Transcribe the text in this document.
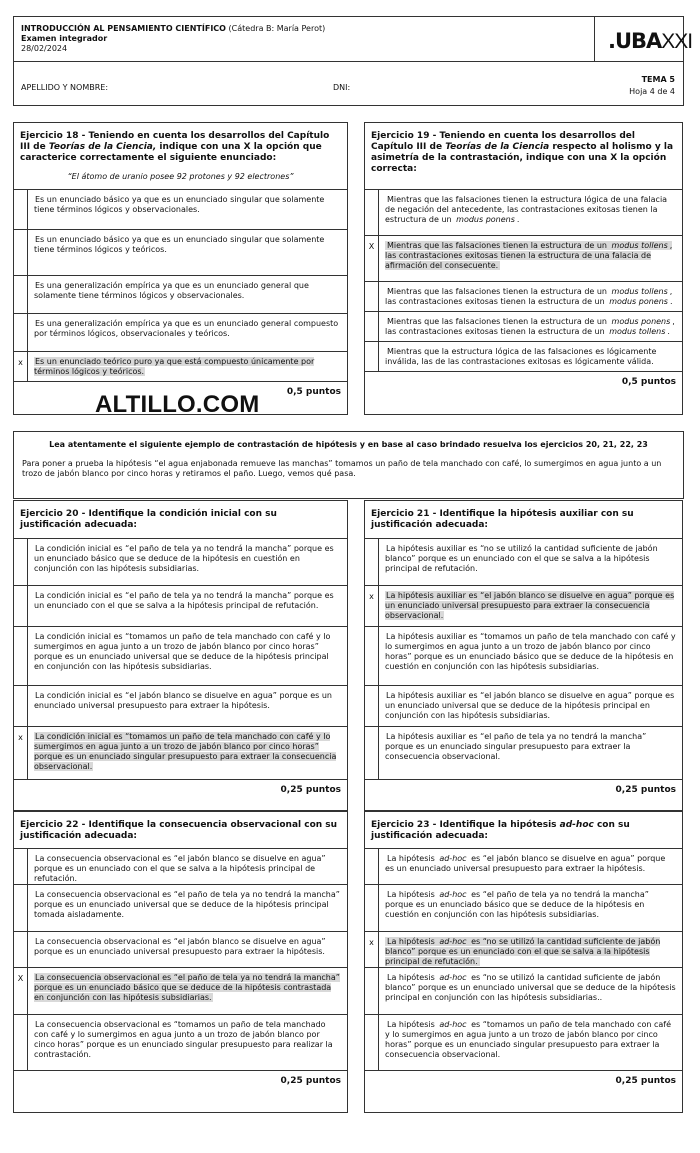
INTRODUCCIÓN AL PENSAMIENTO CIENTÍFICO (Cátedra B: María Perot)
Examen integrador
28/02/2024	.UBAXXI
APELLIDO Y NOMBRE:	DNI:
TEMA 5
Hoja 4 de 4
Ejercicio 18 - Teniendo en cuenta los desarrollos del Capítulo III de Teorías de la Ciencia, indique con una X la opción que caracterice correctamente el siguiente enunciado:
“El átomo de uranio posee 92 protones y 92 electrones”
Es un enunciado básico ya que es un enunciado singular que solamente tiene términos lógicos y observacionales.
Es un enunciado básico ya que es un enunciado singular que solamente tiene términos lógicos y teóricos.
Es una generalización empírica ya que es un enunciado general que solamente tiene términos lógicos y observacionales.
Es una generalización empírica ya que es un enunciado general compuesto por términos lógicos, observacionales y teóricos.
x	Es un enunciado teórico puro ya que está compuesto únicamente por términos lógicos y teóricos.
0,5 puntos
Ejercicio 19 - Teniendo en cuenta los desarrollos del Capítulo III de Teorías de la Ciencia respecto al holismo y la asimetría de la contrastación, indique con una X la opción correcta:
Mientras que las falsaciones tienen la estructura lógica de una falacia de negación del antecedente, las contrastaciones exitosas tienen la estructura de un modus ponens .
X	Mientras que las falsaciones tienen la estructura de un modus tollens , las contrastaciones exitosas tienen la estructura de una falacia de afirmación del consecuente.
Mientras que las falsaciones tienen la estructura de un modus tollens , las contrastaciones exitosas tienen la estructura de un modus ponens .
Mientras que las falsaciones tienen la estructura de un modus ponens , las contrastaciones exitosas tienen la estructura de un modus tollens .
Mientras que la estructura lógica de las falsaciones es lógicamente inválida, las de las contrastaciones exitosas es lógicamente válida.
0,5 puntos
ALTILLO.COM
Lea atentamente el siguiente ejemplo de contrastación de hipótesis y en base al caso brindado resuelva los ejercicios 20, 21, 22, 23
Para poner a prueba la hipótesis “el agua enjabonada remueve las manchas” tomamos un paño de tela manchado con café, lo sumergimos en agua junto a un trozo de jabón blanco por cinco horas y retiramos el paño. Luego, vemos qué pasa.
Ejercicio 20 - Identifique la condición inicial con su justificación adecuada:
La condición inicial es “el paño de tela ya no tendrá la mancha” porque es un enunciado básico que se deduce de la hipótesis en cuestión en conjunción con las hipótesis subsidiarias.
La condición inicial es “el paño de tela ya no tendrá la mancha” porque es un enunciado con el que se salva a la hipótesis principal de refutación.
La condición inicial es “tomamos un paño de tela manchado con café y lo sumergimos en agua junto a un trozo de jabón blanco por cinco horas” porque es un enunciado universal que se deduce de la hipótesis principal en conjunción con las hipótesis subsidiarias.
La condición inicial es “el jabón blanco se disuelve en agua” porque es un enunciado universal presupuesto para extraer la hipótesis.
x	La condición inicial es “tomamos un paño de tela manchado con café y lo sumergimos en agua junto a un trozo de jabón blanco por cinco horas” porque es un enunciado singular presupuesto para extraer la consecuencia observacional.
0,25 puntos
Ejercicio 21 - Identifique la hipótesis auxiliar con su justificación adecuada:
La hipótesis auxiliar es “no se utilizó la cantidad suficiente de jabón blanco” porque es un enunciado con el que se salva a la hipótesis principal de refutación.
x	La hipótesis auxiliar es “el jabón blanco se disuelve en agua” porque es un enunciado universal presupuesto para extraer la consecuencia observacional.
La hipótesis auxiliar es “tomamos un paño de tela manchado con café y lo sumergimos en agua junto a un trozo de jabón blanco por cinco horas” porque es un enunciado básico que se deduce de la hipótesis en cuestión en conjunción con las hipótesis subsidiarias.
La hipótesis auxiliar es “el jabón blanco se disuelve en agua” porque es un enunciado universal que se deduce de la hipótesis principal en conjunción con las hipótesis subsidiarias.
La hipótesis auxiliar es “el paño de tela ya no tendrá la mancha” porque es un enunciado singular presupuesto para extraer la consecuencia observacional.
0,25 puntos
Ejercicio 22 - Identifique la consecuencia observacional con su justificación adecuada:
La consecuencia observacional es “el jabón blanco se disuelve en agua” porque es un enunciado con el que se salva a la hipótesis principal de refutación.
La consecuencia observacional es “el paño de tela ya no tendrá la mancha” porque es un enunciado universal que se deduce de la hipótesis principal tomada aisladamente.
La consecuencia observacional es “el jabón blanco se disuelve en agua” porque es un enunciado universal presupuesto para extraer la hipótesis.
X	La consecuencia observacional es “el paño de tela ya no tendrá la mancha” porque es un enunciado básico que se deduce de la hipótesis contrastada en conjunción con las hipótesis subsidiarias.
La consecuencia observacional es “tomamos un paño de tela manchado con café y lo sumergimos en agua junto a un trozo de jabón blanco por cinco horas” porque es un enunciado singular presupuesto para realizar la contrastación.
0,25 puntos
Ejercicio 23 - Identifique la hipótesis ad-hoc con su justificación adecuada:
La hipótesis ad-hoc es “el jabón blanco se disuelve en agua” porque es un enunciado universal presupuesto para extraer la hipótesis.
La hipótesis ad-hoc es “el paño de tela ya no tendrá la mancha” porque es un enunciado básico que se deduce de la hipótesis en cuestión en conjunción con las hipótesis subsidiarias.
x	La hipótesis ad-hoc es “no se utilizó la cantidad suficiente de jabón blanco” porque es un enunciado con el que se salva a la hipótesis principal de refutación.
La hipótesis ad-hoc es “no se utilizó la cantidad suficiente de jabón blanco” porque es un enunciado universal que se deduce de la hipótesis principal en conjunción con las hipótesis subsidiarias..
La hipótesis ad-hoc es “tomamos un paño de tela manchado con café y lo sumergimos en agua junto a un trozo de jabón blanco por cinco horas” porque es un enunciado singular presupuesto para extraer la consecuencia observacional.
0,25 puntos
